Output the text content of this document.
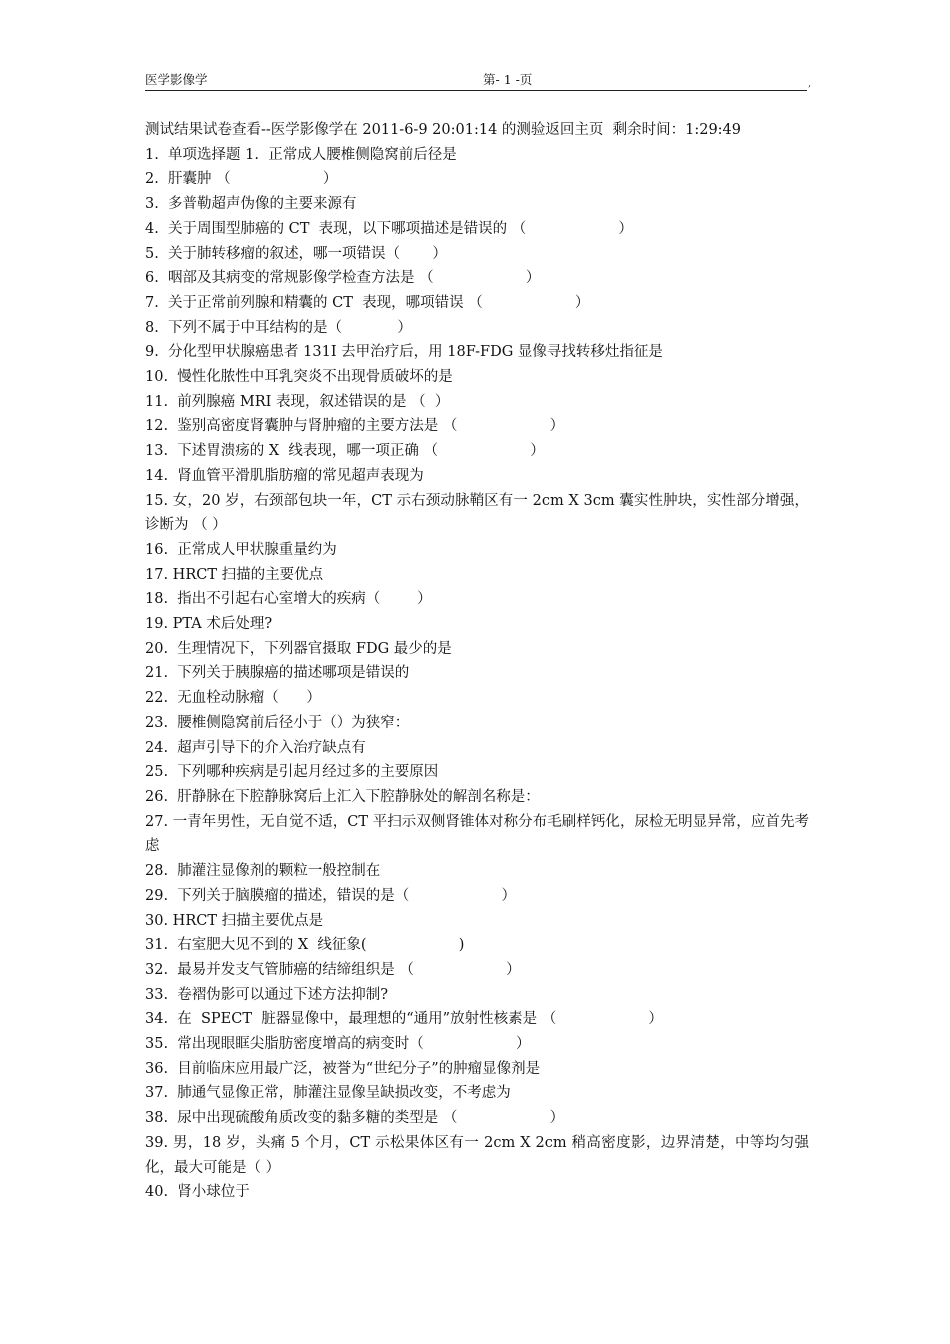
医学影像学	第- 1 -页	,
测试结果试卷查看--医学影像学在 2011-6-9 20:01:14 的测验返回主页  剩余时间：1:29:49
1.  单项选择题 1.  正常成人腰椎侧隐窝前后径是
2.  肝囊肿 （                    ）
3.  多普勒超声伪像的主要来源有
4.  关于周围型肺癌的 CT  表现，以下哪项描述是错误的 （                    ）
5.  关于肺转移瘤的叙述，哪一项错误（       ）
6.  咽部及其病变的常规影像学检查方法是 （                    ）
7.  关于正常前列腺和精囊的 CT  表现，哪项错误 （                    ）
8.  下列不属于中耳结构的是（            ）
9.  分化型甲状腺癌患者 131I 去甲治疗后，用 18F-FDG 显像寻找转移灶指征是
10.  慢性化脓性中耳乳突炎不出现骨质破坏的是
11.  前列腺癌 MRI 表现，叙述错误的是 （  ）
12.  鉴别高密度肾囊肿与肾肿瘤的主要方法是 （                    ）
13.  下述胃溃疡的 X  线表现，哪一项正确 （                    ）
14.  肾血管平滑肌脂肪瘤的常见超声表现为
15. 女，20 岁，右颈部包块一年，CT 示右颈动脉鞘区有一 2cm X 3cm 囊实性肿块，实性部分增强，诊断为 （ ）
16.  正常成人甲状腺重量约为
17. HRCT 扫描的主要优点
18.  指出不引起右心室增大的疾病（        ）
19. PTA 术后处理?
20.  生理情况下，下列器官摄取 FDG 最少的是
21.  下列关于胰腺癌的描述哪项是错误的
22.  无血栓动脉瘤（      ）
23.  腰椎侧隐窝前后径小于（）为狭窄：
24.  超声引导下的介入治疗缺点有
25.  下列哪种疾病是引起月经过多的主要原因
26.  肝静脉在下腔静脉窝后上汇入下腔静脉处的解剖名称是：
27. 一青年男性，无自觉不适，CT 平扫示双侧肾锥体对称分布毛刷样钙化，尿检无明显异常，应首先考虑
28.  肺灌注显像剂的颗粒一般控制在
29.  下列关于脑膜瘤的描述，错误的是（                    ）
30. HRCT 扫描主要优点是
31.  右室肥大见不到的 X  线征象(                    )
32.  最易并发支气管肺癌的结缔组织是 （                    ）
33.  卷褶伪影可以通过下述方法抑制?
34.  在  SPECT  脏器显像中，最理想的“通用”放射性核素是 （                    ）
35.  常出现眼眶尖脂肪密度增高的病变时（                    ）
36.  目前临床应用最广泛，被誉为“世纪分子”的肿瘤显像剂是
37.  肺通气显像正常，肺灌注显像呈缺损改变，不考虑为
38.  尿中出现硫酸角质改变的黏多糖的类型是 （                    ）
39. 男，18 岁，头痛 5 个月，CT 示松果体区有一 2cm X 2cm 稍高密度影，边界清楚，中等均匀强化，最大可能是（ ）
40.  肾小球位于
